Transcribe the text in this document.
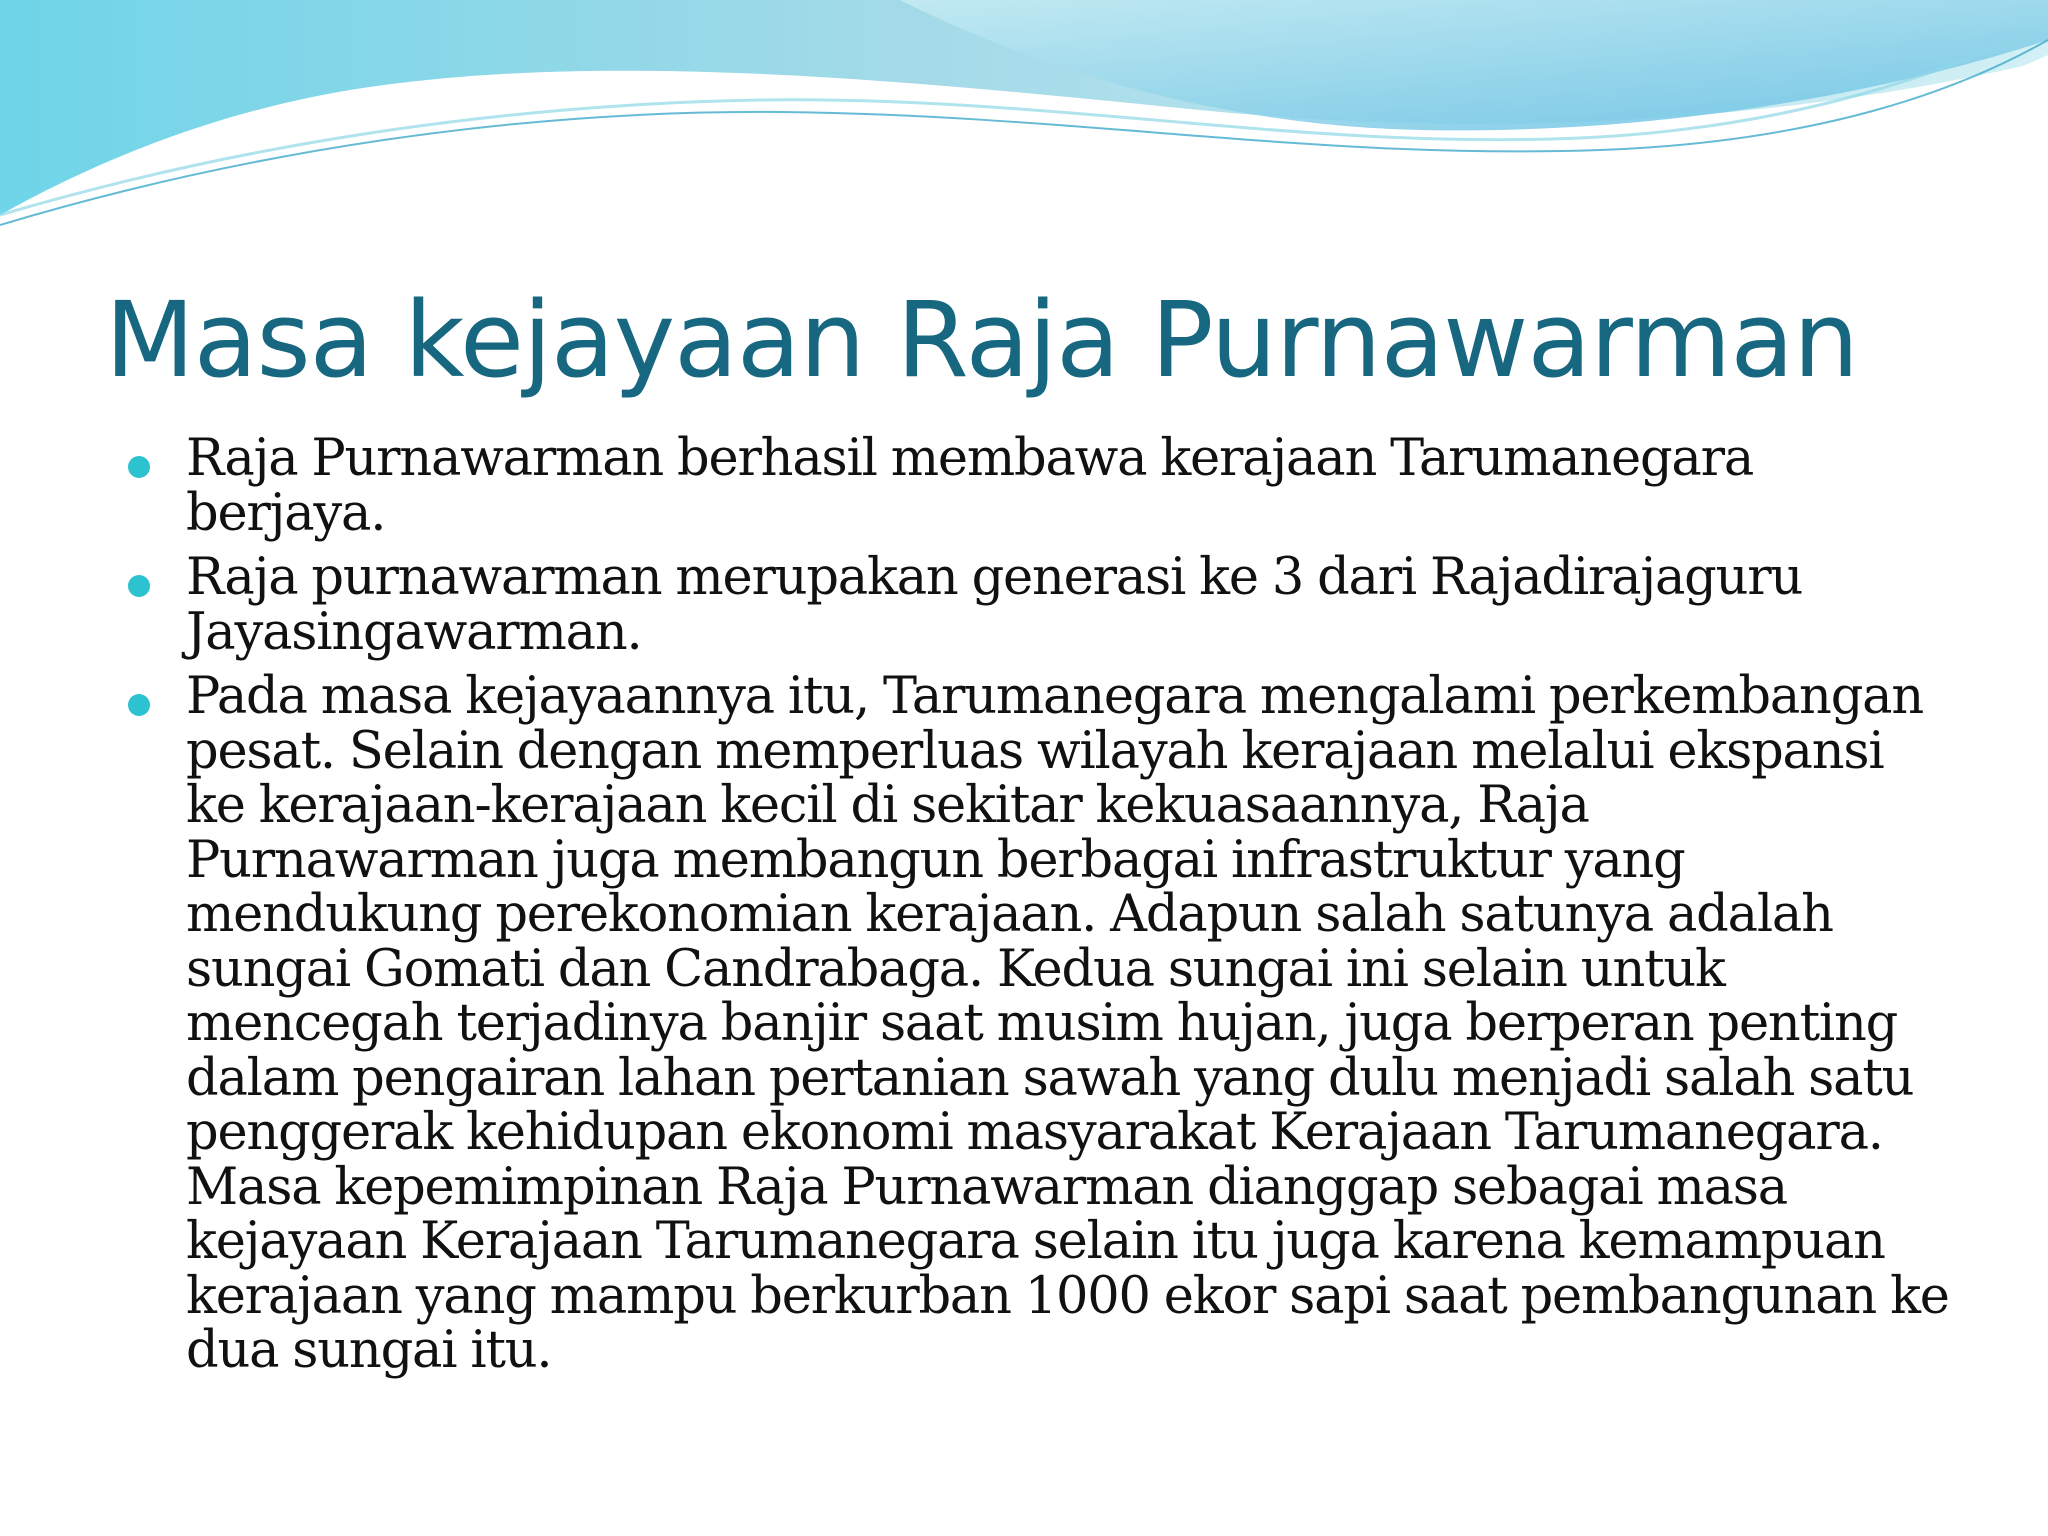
Masa kejayaan Raja Purnawarman
Raja Purnawarman berhasil membawa kerajaan Tarumanegara berjaya.
Raja purnawarman merupakan generasi ke 3 dari Rajadirajaguru Jayasingawarman.
Pada masa kejayaannya itu, Tarumanegara mengalami perkembangan pesat. Selain dengan memperluas wilayah kerajaan melalui ekspansi ke kerajaan-kerajaan kecil di sekitar kekuasaannya, Raja Purnawarman juga membangun berbagai infrastruktur yang mendukung perekonomian kerajaan. Adapun salah satunya adalah sungai Gomati dan Candrabaga. Kedua sungai ini selain untuk mencegah terjadinya banjir saat musim hujan, juga berperan penting dalam pengairan lahan pertanian sawah yang dulu menjadi salah satu penggerak kehidupan ekonomi masyarakat Kerajaan Tarumanegara. Masa kepemimpinan Raja Purnawarman dianggap sebagai masa kejayaan Kerajaan Tarumanegara selain itu juga karena kemampuan kerajaan yang mampu berkurban 1000 ekor sapi saat pembangunan ke dua sungai itu.
